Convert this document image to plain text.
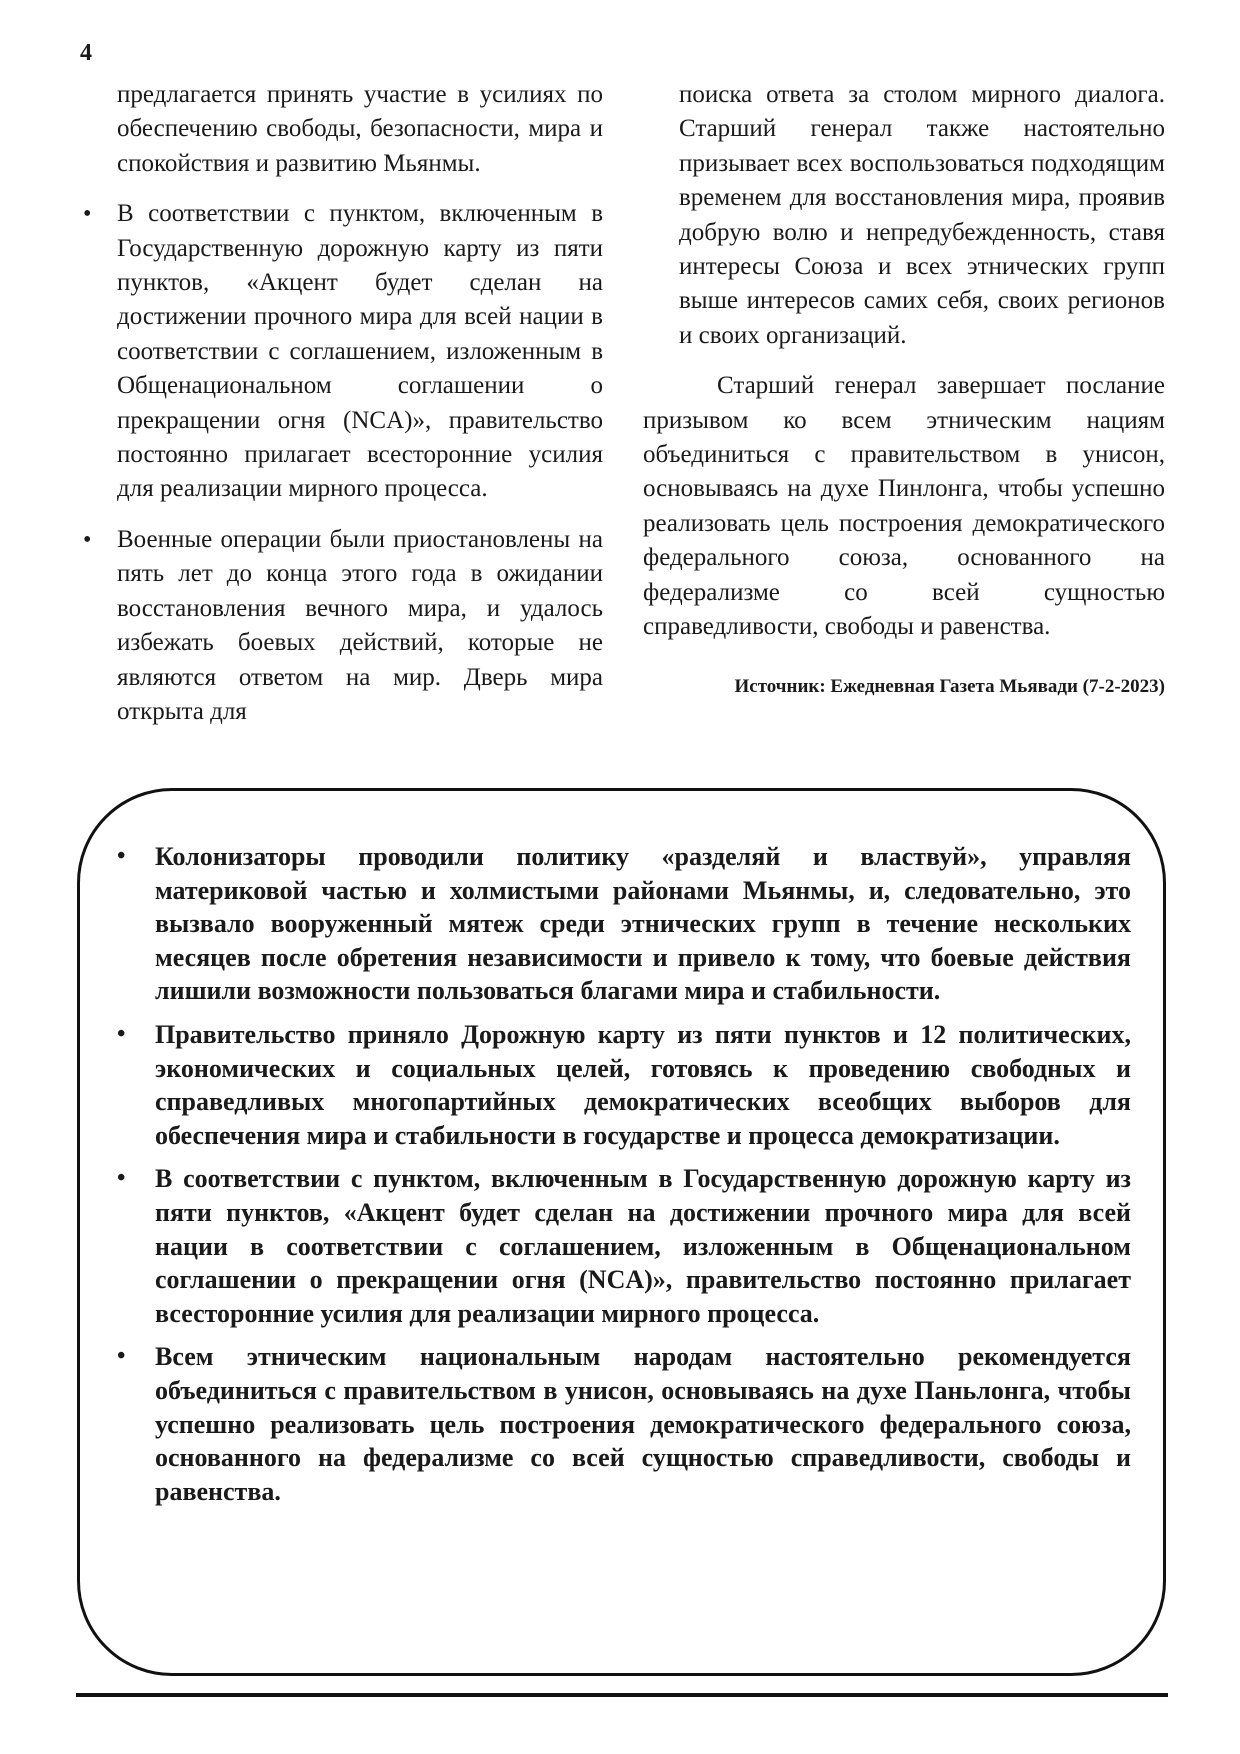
4

предлагается принять участие в усилиях по обеспечению свободы, безопасности, мира и спокойствия и развитию Мьянмы.

• В соответствии с пунктом, включенным в Государственную дорожную карту из пяти пунктов, «Акцент будет сделан на достижении прочного мира для всей нации в соответствии с соглашением, изложенным в Общенациональном соглашении о прекращении огня (NCA)», правительство постоянно прилагает всесторонние усилия для реализации мирного процесса.
• Военные операции были приостановлены на пять лет до конца этого года в ожидании восстановления вечного мира, и удалось избежать боевых действий, которые не являются ответом на мир. Дверь мира открыта для

поиска ответа за столом мирного диалога. Старший генерал также настоятельно призывает всех воспользоваться подходящим временем для восстановления мира, проявив добрую волю и непредубежденность, ставя интересы Союза и всех этнических групп выше интересов самих себя, своих регионов и своих организаций.

Старший генерал завершает послание призывом ко всем этническим нациям объединиться с правительством в унисон, основываясь на духе Пинлонга, чтобы успешно реализовать цель построения демократического федерального союза, основанного на федерализме со всей сущностью справедливости, свободы и равенства.

Источник: Ежедневная Газета Мьявади (7-2-2023)

• Колонизаторы проводили политику «разделяй и властвуй», управляя материковой частью и холмистыми районами Мьянмы, и, следовательно, это вызвало вооруженный мятеж среди этнических групп в течение нескольких месяцев после обретения независимости и привело к тому, что боевые действия лишили возможности пользоваться благами мира и стабильности.
• Правительство приняло Дорожную карту из пяти пунктов и 12 политических, экономических и социальных целей, готовясь к проведению свободных и справедливых многопартийных демократических всеобщих выборов для обеспечения мира и стабильности в государстве и процесса демократизации.
• В соответствии с пунктом, включенным в Государственную дорожную карту из пяти пунктов, «Акцент будет сделан на достижении прочного мира для всей нации в соответствии с соглашением, изложенным в Общенациональном соглашении о прекращении огня (NCA)», правительство постоянно прилагает всесторонние усилия для реализации мирного процесса.
• Всем этническим национальным народам настоятельно рекомендуется объединиться с правительством в унисон, основываясь на духе Паньлонга, чтобы успешно реализовать цель построения демократического федерального союза, основанного на федерализме со всей сущностью справедливости, свободы и равенства.
